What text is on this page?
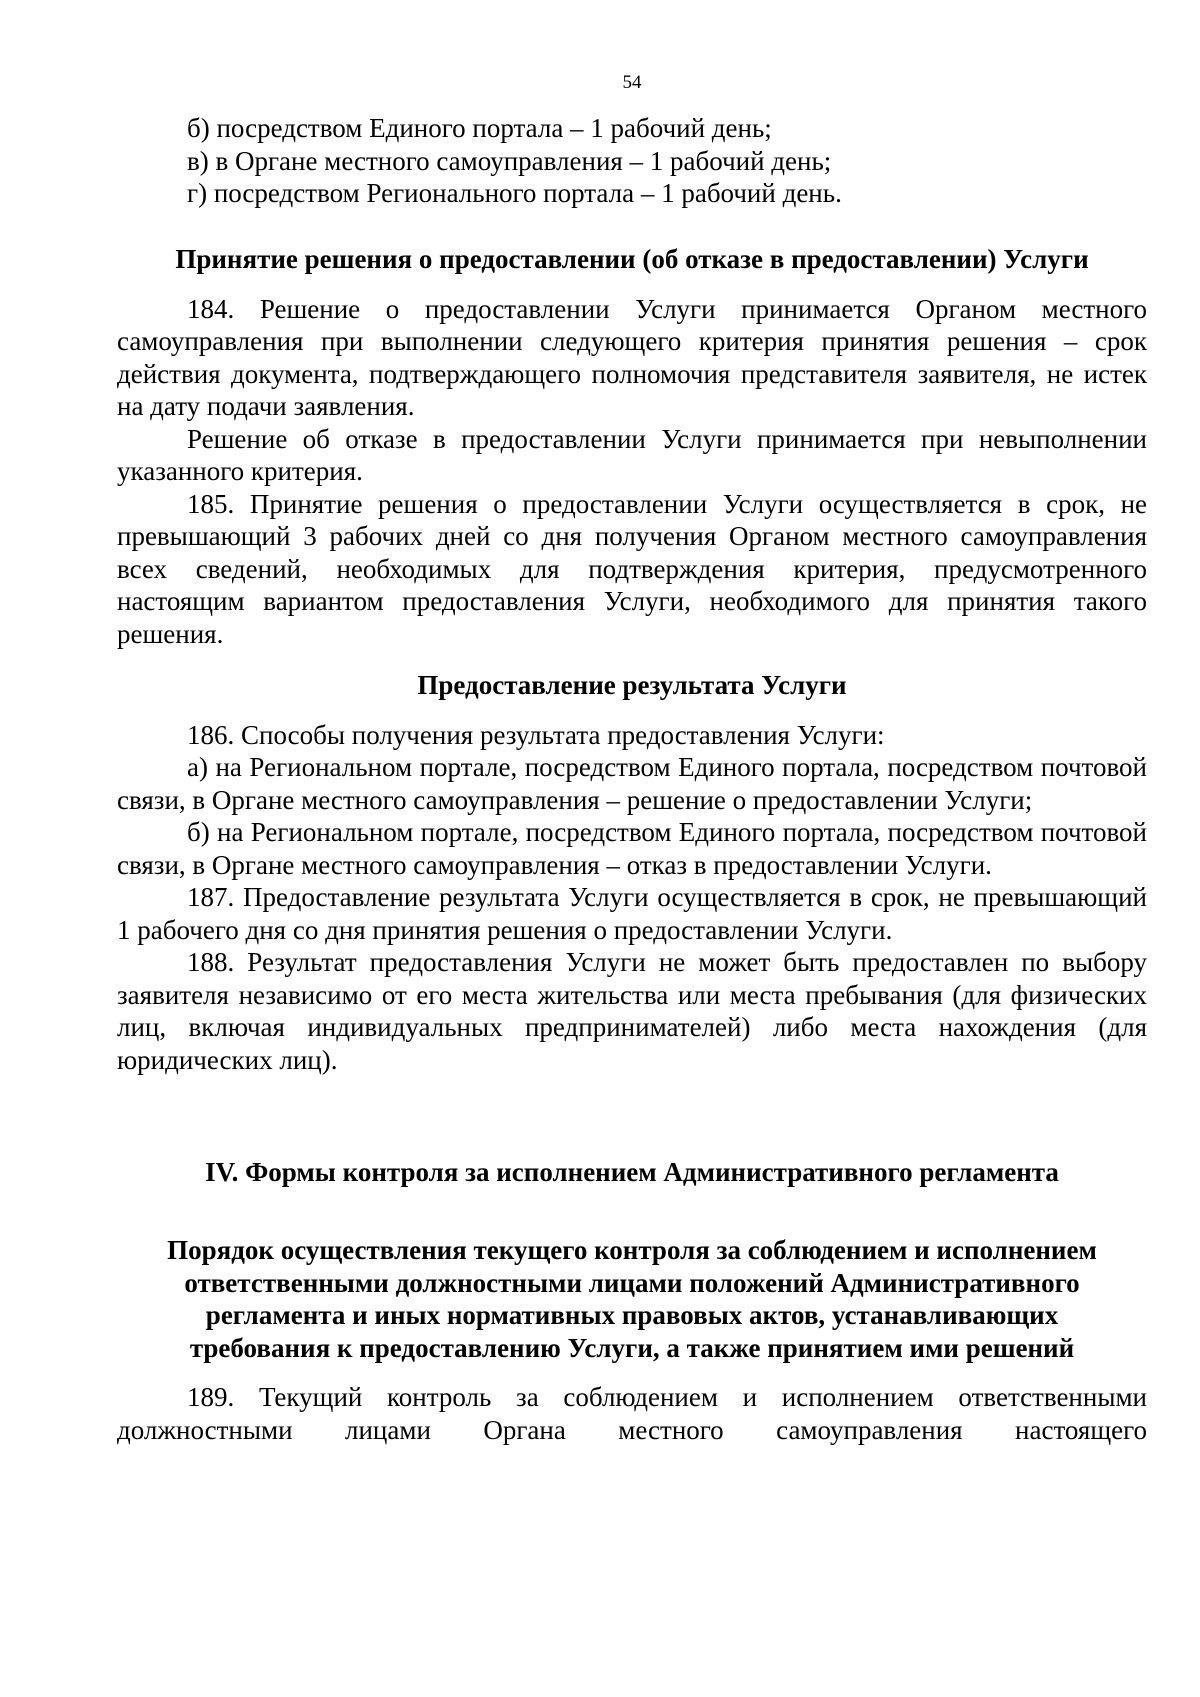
54

б) посредством Единого портала – 1 рабочий день;

в) в Органе местного самоуправления – 1 рабочий день;

г) посредством Регионального портала – 1 рабочий день.

Принятие решения о предоставлении (об отказе в предоставлении) Услуги

184. Решение о предоставлении Услуги принимается Органом местного самоуправления при выполнении следующего критерия принятия решения – срок действия документа, подтверждающего полномочия представителя заявителя, не истек на дату подачи заявления.

Решение об отказе в предоставлении Услуги принимается при невыполнении указанного критерия.

185. Принятие решения о предоставлении Услуги осуществляется в срок, не превышающий 3 рабочих дней со дня получения Органом местного самоуправления всех сведений, необходимых для подтверждения критерия, предусмотренного настоящим вариантом предоставления Услуги, необходимого для принятия такого решения.

Предоставление результата Услуги

186. Способы получения результата предоставления Услуги:

а) на Региональном портале, посредством Единого портала, посредством почтовой связи, в Органе местного самоуправления – решение о предоставлении Услуги;

б) на Региональном портале, посредством Единого портала, посредством почтовой связи, в Органе местного самоуправления – отказ в предоставлении Услуги.

187. Предоставление результата Услуги осуществляется в срок, не превышающий 1 рабочего дня со дня принятия решения о предоставлении Услуги.

188. Результат предоставления Услуги не может быть предоставлен по выбору заявителя независимо от его места жительства или места пребывания (для физических лиц, включая индивидуальных предпринимателей) либо места нахождения (для юридических лиц).

IV. Формы контроля за исполнением Административного регламента

Порядок осуществления текущего контроля за соблюдением и исполнением

ответственными должностными лицами положений Административного

регламента и иных нормативных правовых актов, устанавливающих

требования к предоставлению Услуги, а также принятием ими решений

189. Текущий контроль за соблюдением и исполнением ответственными должностными лицами Органа местного самоуправления настоящего
